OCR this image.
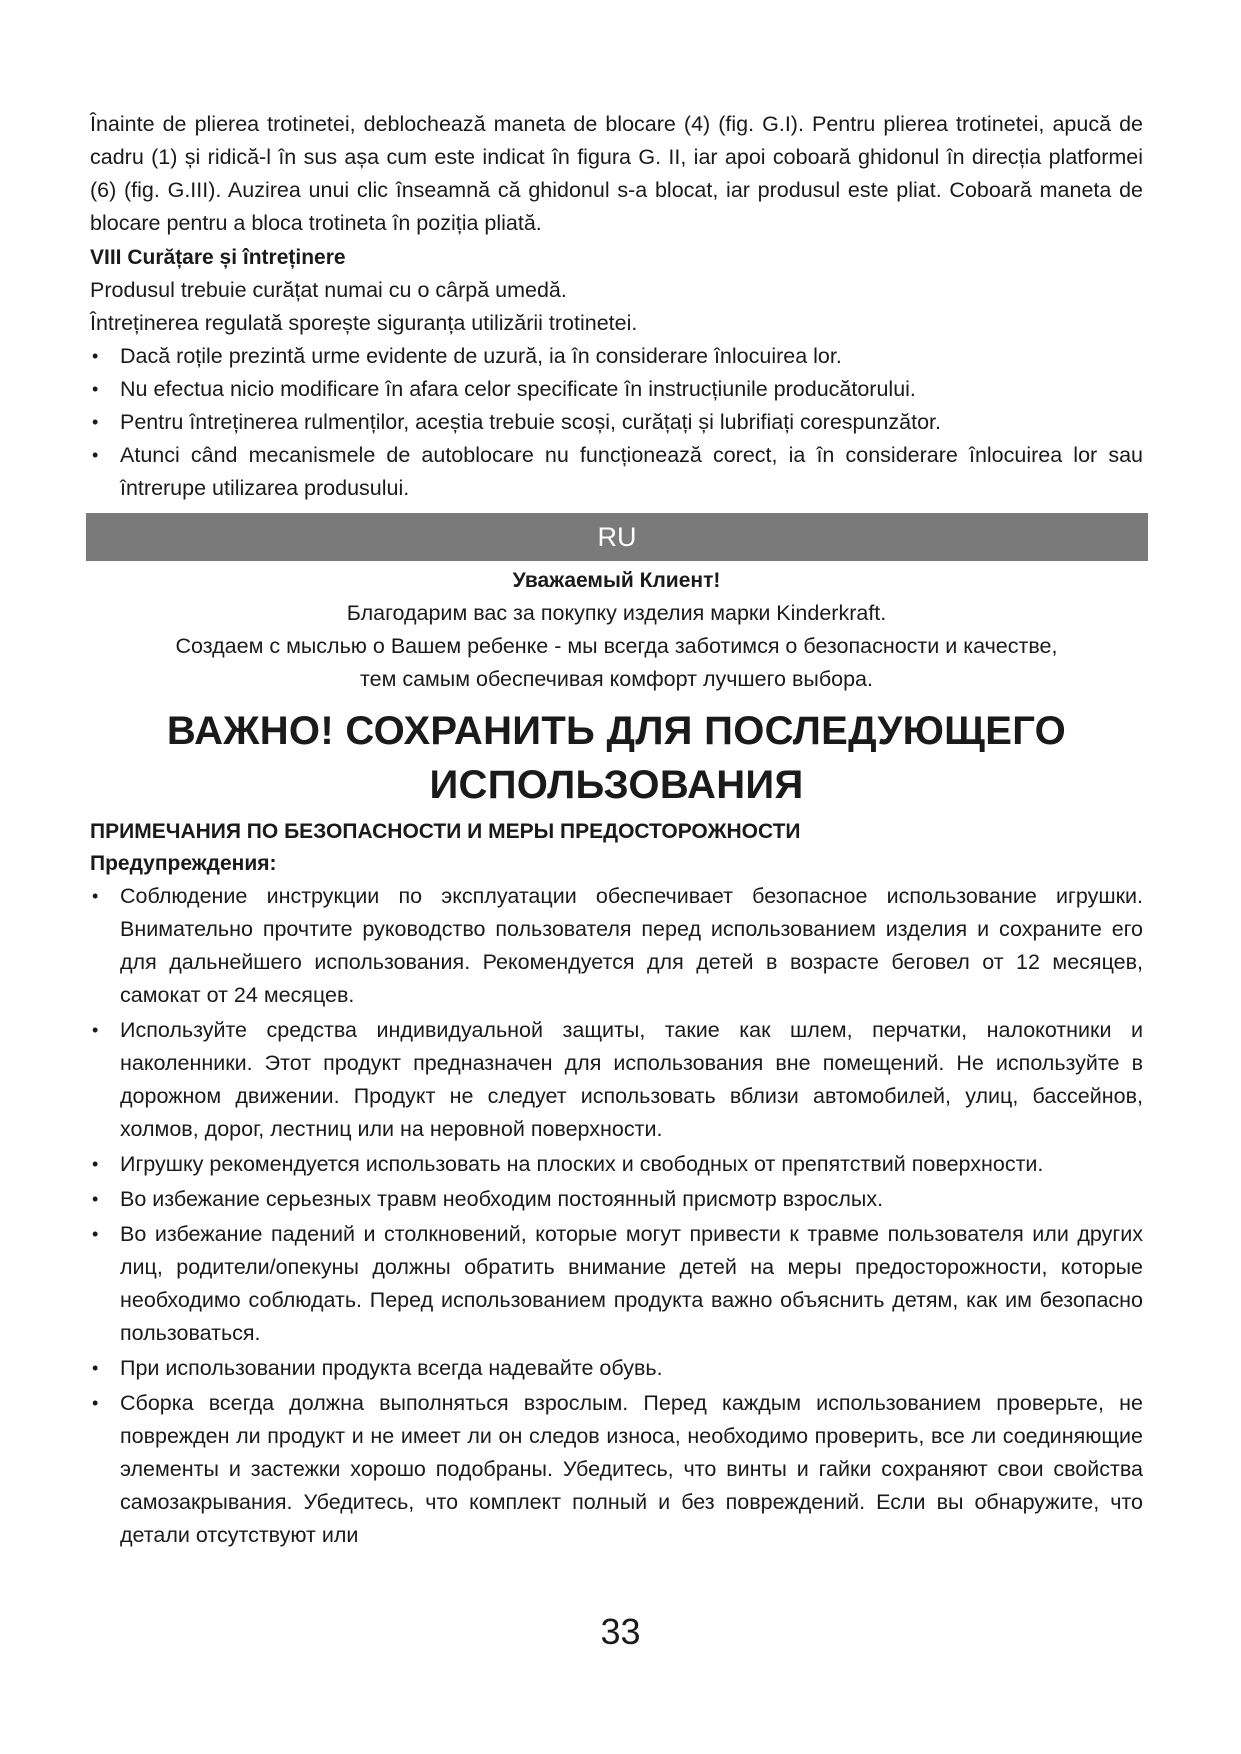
Înainte de plierea trotinetei, deblochează maneta de blocare (4) (fig. G.I). Pentru plierea trotinetei, apucă de cadru (1) și ridică-l în sus așa cum este indicat în figura G. II, iar apoi coboară ghidonul în direcția platformei (6) (fig. G.III). Auzirea unui clic înseamnă că ghidonul s-a blocat, iar produsul este pliat. Coboară maneta de blocare pentru a bloca trotineta în poziția pliată.

VIII Curățare și întreținere

Produsul trebuie curățat numai cu o cârpă umedă.

Întreținerea regulată sporește siguranța utilizării trotinetei.

• Dacă roțile prezintă urme evidente de uzură, ia în considerare înlocuirea lor.
• Nu efectua nicio modificare în afara celor specificate în instrucțiunile producătorului.
• Pentru întreținerea rulmenților, aceștia trebuie scoși, curățați și lubrifiați corespunzător.
• Atunci când mecanismele de autoblocare nu funcționează corect, ia în considerare înlocuirea lor sau întrerupe utilizarea produsului.
RU
Уважаемый Клиент!
Благодарим вас за покупку изделия марки Kinderkraft.
Создаем с мыслью о Вашем ребенке - мы всегда заботимся о безопасности и качестве,
тем самым обеспечивая комфорт лучшего выбора.
ВАЖНО! СОХРАНИТЬ ДЛЯ ПОСЛЕДУЮЩЕГО
ИСПОЛЬЗОВАНИЯ
ПРИМЕЧАНИЯ ПО БЕЗОПАСНОСТИ И МЕРЫ ПРЕДОСТОРОЖНОСТИ
Предупреждения:
• Соблюдение инструкции по эксплуатации обеспечивает безопасное использование игрушки. Внимательно прочтите руководство пользователя перед использованием изделия и сохраните его для дальнейшего использования. Рекомендуется для детей в возрасте беговел от 12 месяцев, самокат от 24 месяцев.
• Используйте средства индивидуальной защиты, такие как шлем, перчатки, налокотники и наколенники. Этот продукт предназначен для использования вне помещений. Не используйте в дорожном движении. Продукт не следует использовать вблизи автомобилей, улиц, бассейнов, холмов, дорог, лестниц или на неровной поверхности.
• Игрушку рекомендуется использовать на плоских и свободных от препятствий поверхности.
• Во избежание серьезных травм необходим постоянный присмотр взрослых.
• Во избежание падений и столкновений, которые могут привести к травме пользователя или других лиц, родители/опекуны должны обратить внимание детей на меры предосторожности, которые необходимо соблюдать. Перед использованием продукта важно объяснить детям, как им безопасно пользоваться.
• При использовании продукта всегда надевайте обувь.
• Сборка всегда должна выполняться взрослым. Перед каждым использованием проверьте, не поврежден ли продукт и не имеет ли он следов износа, необходимо проверить, все ли соединяющие элементы и застежки хорошо подобраны. Убедитесь, что винты и гайки сохраняют свои свойства самозакрывания. Убедитесь, что комплект полный и без повреждений. Если вы обнаружите, что детали отсутствуют или
33
